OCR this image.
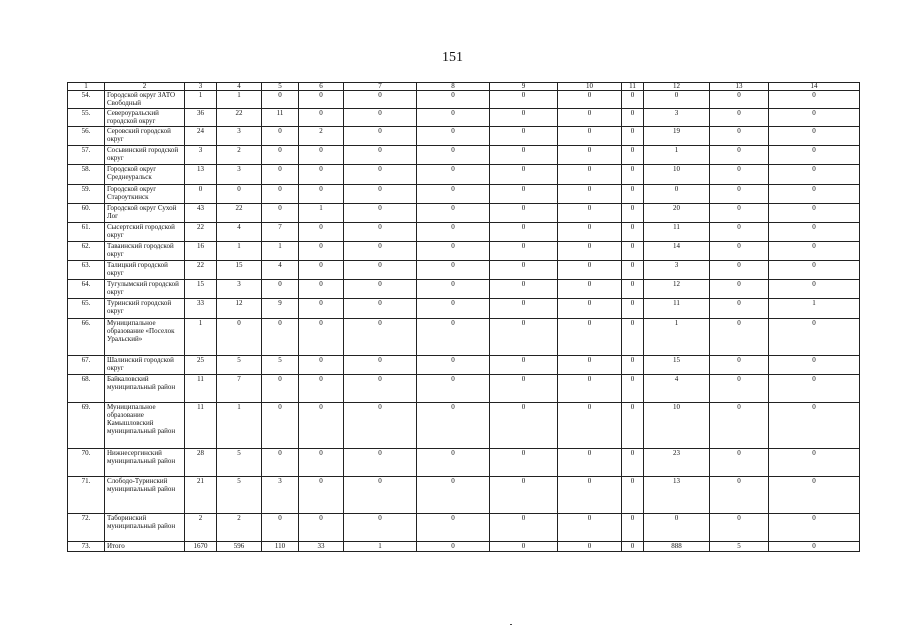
151
1	2	3	4	5	6	7	8	9	10	11	12	13	14
54.	Городской округ ЗАТО Свободный	1	1	0	0	0	0	0	0	0	0	0	0
55.	Североуральский городской округ	36	22	11	0	0	0	0	0	0	3	0	0
56.	Серовский городской округ	24	3	0	2	0	0	0	0	0	19	0	0
57.	Сосьвинский городской округ	3	2	0	0	0	0	0	0	0	1	0	0
58.	Городской округ Среднеуральск	13	3	0	0	0	0	0	0	0	10	0	0
59.	Городской округ Староуткинск	0	0	0	0	0	0	0	0	0	0	0	0
60.	Городской округ Сухой Лог	43	22	0	1	0	0	0	0	0	20	0	0
61.	Сысертский городской округ	22	4	7	0	0	0	0	0	0	11	0	0
62.	Таваинский городской округ	16	1	1	0	0	0	0	0	0	14	0	0
63.	Талицкий городской округ	22	15	4	0	0	0	0	0	0	3	0	0
64.	Тугулымский городской округ	15	3	0	0	0	0	0	0	0	12	0	0
65.	Туринский городской округ	33	12	9	0	0	0	0	0	0	11	0	1
66.	Муниципальное образование «Поселок Уральский»	1	0	0	0	0	0	0	0	0	1	0	0
67.	Шалинский городской округ	25	5	5	0	0	0	0	0	0	15	0	0
68.	Байкаловский муниципальный район	11	7	0	0	0	0	0	0	0	4	0	0
69.	Муниципальное образование Камышловский муниципальный район	11	1	0	0	0	0	0	0	0	10	0	0
70.	Нижнесергинский муниципальный район	28	5	0	0	0	0	0	0	0	23	0	0
71.	Слободо-Туринский муниципальный район	21	5	3	0	0	0	0	0	0	13	0	0
72.	Таборинский муниципальный район	2	2	0	0	0	0	0	0	0	0	0	0
73.	Итого	1670	596	110	33	1	0	0	0	0	888	5	0
